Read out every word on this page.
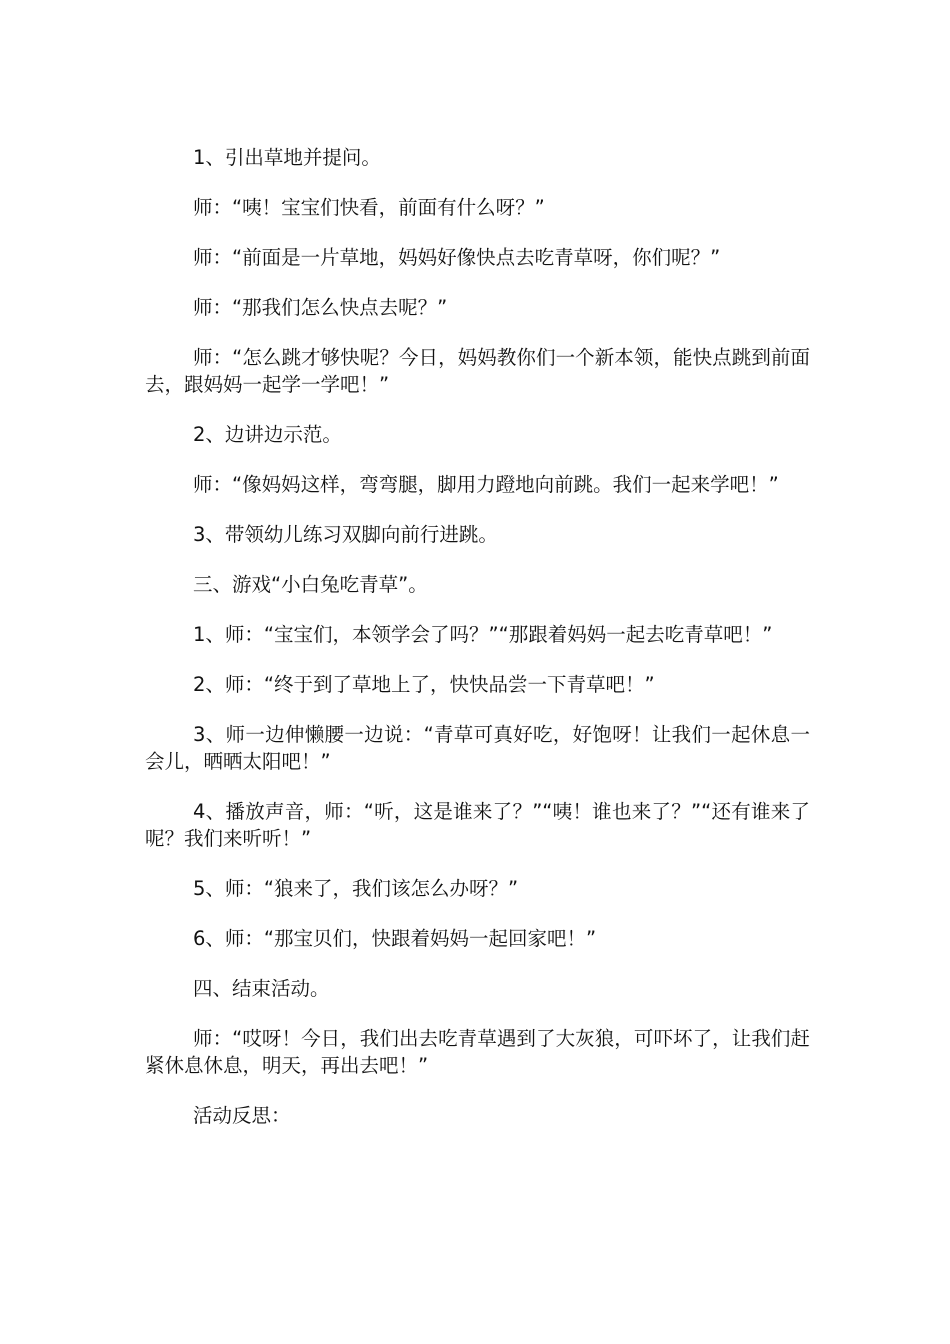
1、引出草地并提问。

师：“咦！宝宝们快看，前面有什么呀？”

师：“前面是一片草地，妈妈好像快点去吃青草呀，你们呢？”

师：“那我们怎么快点去呢？”

师：“怎么跳才够快呢？今日，妈妈教你们一个新本领，能快点跳到前面去，跟妈妈一起学一学吧！”

2、边讲边示范。

师：“像妈妈这样，弯弯腿，脚用力蹬地向前跳。我们一起来学吧！”

3、带领幼儿练习双脚向前行进跳。

三、游戏“小白兔吃青草”。

1、师：“宝宝们，本领学会了吗？”“那跟着妈妈一起去吃青草吧！”

2、师：“终于到了草地上了，快快品尝一下青草吧！”

3、师一边伸懒腰一边说：“青草可真好吃，好饱呀！让我们一起休息一会儿，晒晒太阳吧！”

4、播放声音，师：“听，这是谁来了？”“咦！谁也来了？”“还有谁来了呢？我们来听听！”

5、师：“狼来了，我们该怎么办呀？”

6、师：“那宝贝们，快跟着妈妈一起回家吧！”

四、结束活动。

师：“哎呀！今日，我们出去吃青草遇到了大灰狼，可吓坏了，让我们赶紧休息休息，明天，再出去吧！”

活动反思：
